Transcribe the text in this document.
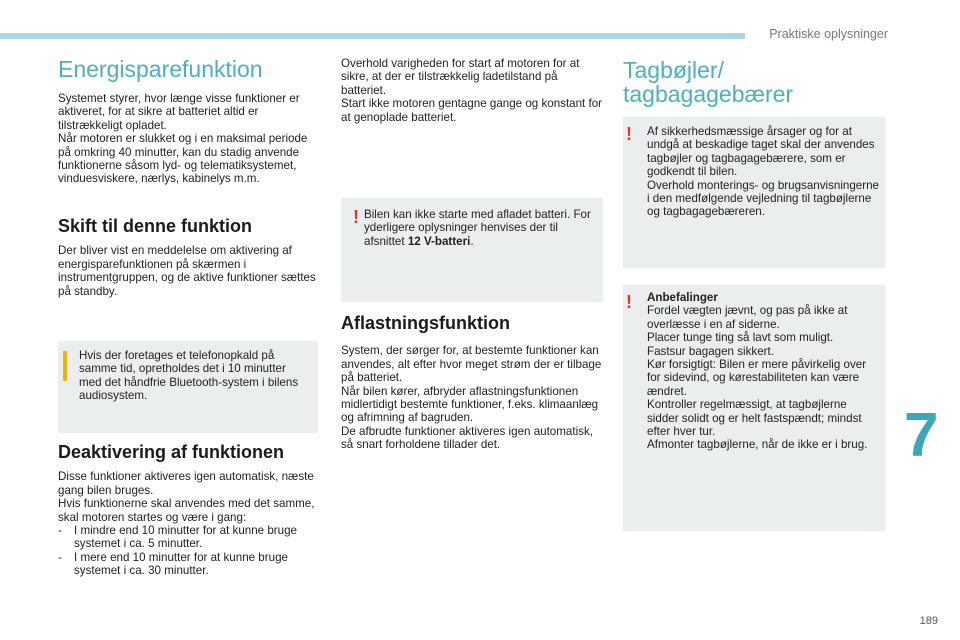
Praktiske oplysninger
Energisparefunktion

Systemet styrer, hvor længe visse funktioner er aktiveret, for at sikre at batteriet altid er tilstrækkeligt opladet.

Når motoren er slukket og i en maksimal periode på omkring 40 minutter, kan du stadig anvende funktionerne såsom lyd- og telematiksystemet, vinduesviskere, nærlys, kabinelys m.m.

Skift til denne funktion

Der bliver vist en meddelelse om aktivering af energisparefunktionen på skærmen i instrumentgruppen, og de aktive funktioner sættes på standby.

Hvis der foretages et telefonopkald på samme tid, opretholdes det i 10 minutter med det håndfrie Bluetooth-system i bilens audiosystem.

Deaktivering af funktionen

Disse funktioner aktiveres igen automatisk, næste gang bilen bruges.

Hvis funktionerne skal anvendes med det samme, skal motoren startes og være i gang:

- I mindre end 10 minutter for at kunne bruge systemet i ca. 5 minutter.
- I mere end 10 minutter for at kunne bruge systemet i ca. 30 minutter.

Overhold varigheden for start af motoren for at sikre, at der er tilstrækkelig ladetilstand på batteriet.

Start ikke motoren gentagne gange og konstant for at genoplade batteriet.

! Bilen kan ikke starte med afladet batteri. For yderligere oplysninger henvises der til afsnittet 12 V-batteri.

Aflastningsfunktion

System, der sørger for, at bestemte funktioner kan anvendes, alt efter hvor meget strøm der er tilbage på batteriet.

Når bilen kører, afbryder aflastningsfunktionen midlertidigt bestemte funktioner, f.eks. klimaanlæg og afrimning af bagruden.

De afbrudte funktioner aktiveres igen automatisk, så snart forholdene tillader det.

Tagbøjler/
tagbagagebærer
! Af sikkerhedsmæssige årsager og for at undgå at beskadige taget skal der anvendes tagbøjler og tagbagagebærere, som er godkendt til bilen.

Overhold monterings- og brugsanvisningerne i den medfølgende vejledning til tagbøjlerne og tagbagagebæreren.

! Anbefalinger

Fordel vægten jævnt, og pas på ikke at overlæsse i en af siderne.

Placer tunge ting så lavt som muligt.

Fastsur bagagen sikkert.

Kør forsigtigt: Bilen er mere påvirkelig over for sidevind, og kørestabiliteten kan være ændret.

Kontroller regelmæssigt, at tagbøjlerne sidder solidt og er helt fastspændt; mindst efter hver tur.

Afmonter tagbøjlerne, når de ikke er i brug. 7
189
